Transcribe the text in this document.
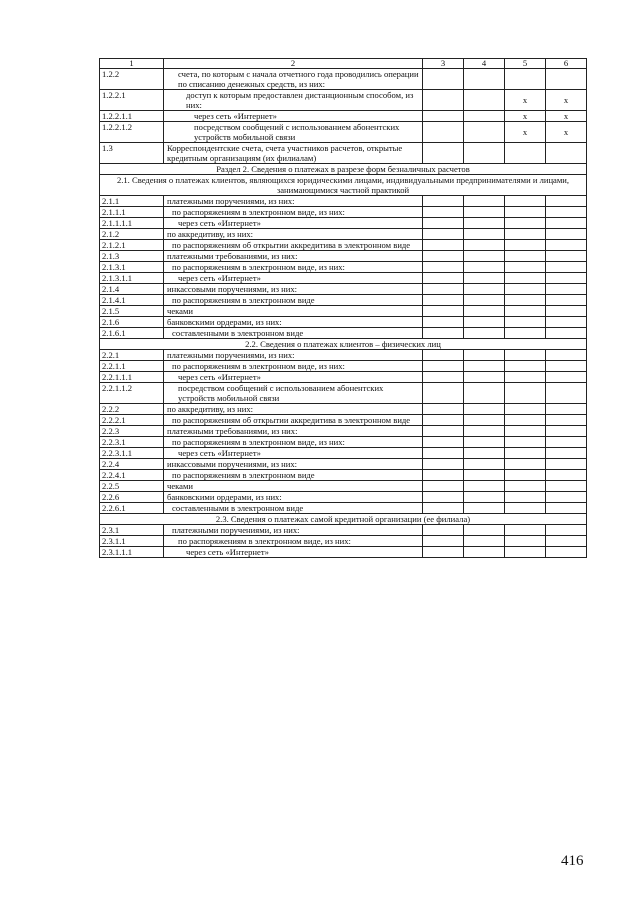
1	2	3	4	5	6
1.2.2	счета, по которым с начала отчетного года проводились операции по списанию денежных средств, из них:				
1.2.2.1	доступ к которым предоставлен дистанционным способом, из них:			x	x
1.2.2.1.1	через сеть «Интернет»			x	x
1.2.2.1.2	посредством сообщений с использованием абонентских устройств мобильной связи			x	x
1.3	Корреспондентские счета, счета участников расчетов, открытые кредитным организациям (их филиалам)				
Раздел 2. Сведения о платежах в разрезе форм безналичных расчетов					
2.1. Сведения о платежах клиентов, являющихся юридическими лицами, индивидуальными предпринимателями и лицами, занимающимися частной практикой					
2.1.1	платежными поручениями, из них:				
2.1.1.1	по распоряжениям в электронном виде, из них:				
2.1.1.1.1	через сеть «Интернет»				
2.1.2	по аккредитиву, из них:				
2.1.2.1	по распоряжениям об открытии аккредитива в электронном виде				
2.1.3	платежными требованиями, из них:				
2.1.3.1	по распоряжениям в электронном виде, из них:				
2.1.3.1.1	через сеть «Интернет»				
2.1.4	инкассовыми поручениями, из них:				
2.1.4.1	по распоряжениям в электронном виде				
2.1.5	чеками				
2.1.6	банковскими ордерами, из них:				
2.1.6.1	составленными в электронном виде				
2.2. Сведения о платежах клиентов – физических лиц					
2.2.1	платежными поручениями, из них:				
2.2.1.1	по распоряжениям в электронном виде, из них:				
2.2.1.1.1	через сеть «Интернет»				
2.2.1.1.2	посредством сообщений с использованием абонентских устройств мобильной связи				
2.2.2	по аккредитиву, из них:				
2.2.2.1	по распоряжениям об открытии аккредитива в электронном виде				
2.2.3	платежными требованиями, из них:				
2.2.3.1	по распоряжениям в электронном виде, из них:				
2.2.3.1.1	через сеть «Интернет»				
2.2.4	инкассовыми поручениями, из них:				
2.2.4.1	по распоряжениям в электронном виде				
2.2.5	чеками				
2.2.6	банковскими ордерами, из них:				
2.2.6.1	составленными в электронном виде				
2.3. Сведения о платежах самой кредитной организации (ее филиала)					
2.3.1	платежными поручениями, из них:				
2.3.1.1	по распоряжениям в электронном виде, из них:				
2.3.1.1.1	через сеть «Интернет»				
416
